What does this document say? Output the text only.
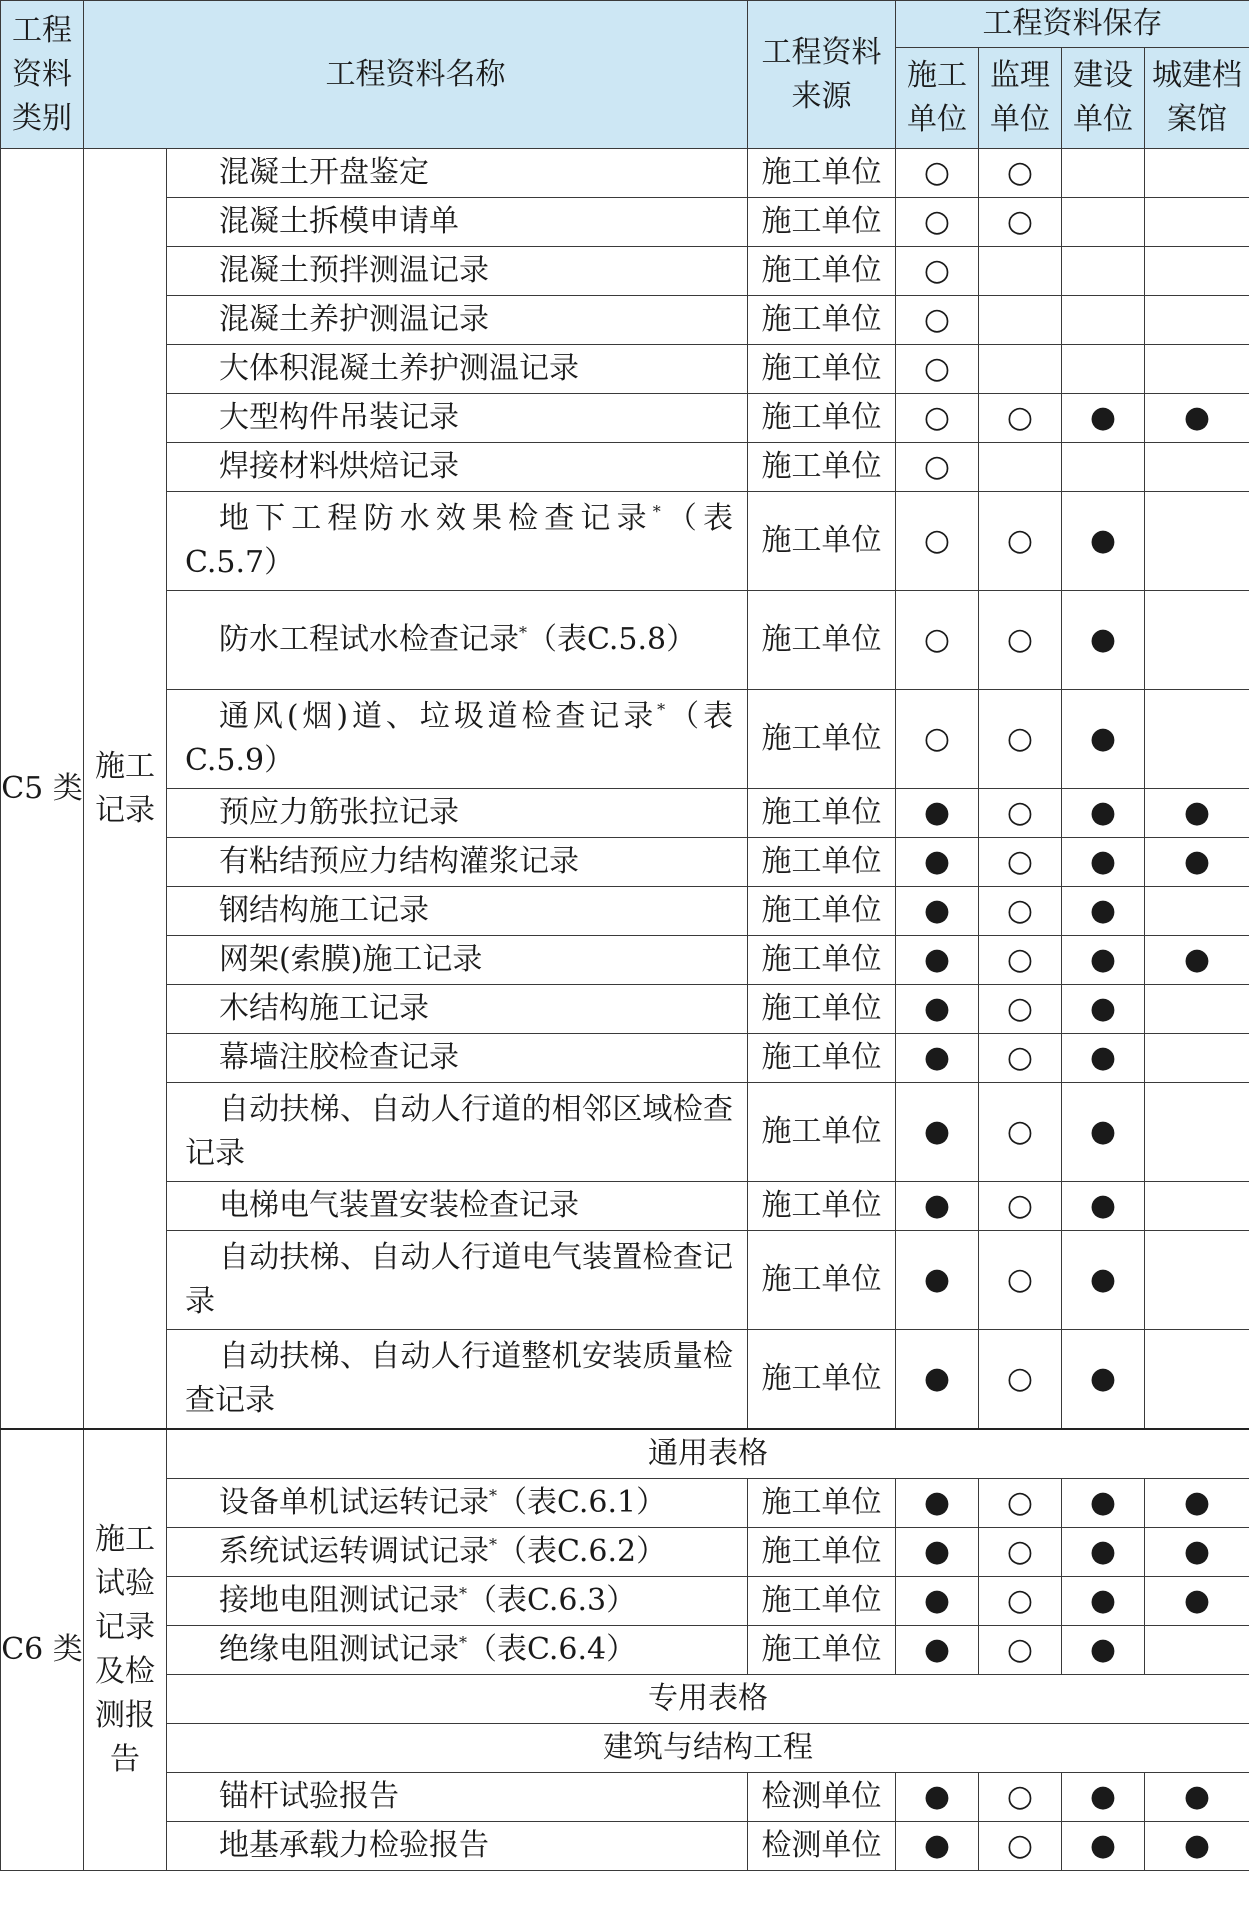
工程资料类别	工程资料名称		工程资料来源	工程资料保存			
				施工单位	监理单位	建设单位	城建档案馆
C5 类	施工记录	混凝土开盘鉴定	施工单位	○	○		

		混凝土拆模申请单	施工单位	○	○		

		混凝土预拌测温记录	施工单位	○			

		混凝土养护测温记录	施工单位	○			

		大体积混凝土养护测温记录	施工单位	○			

		大型构件吊装记录	施工单位	○	○	●	●

		焊接材料烘焙记录	施工单位	○			

		地下工程防水效果检查记录*（表C.5.7）	施工单位	○	○	●	

		防水工程试水检查记录*（表C.5.8）	施工单位	○	○	●	

		通风(烟)道、垃圾道检查记录*（表C.5.9）	施工单位	○	○	●	

		预应力筋张拉记录	施工单位	●	○	●	●

		有粘结预应力结构灌浆记录	施工单位	●	○	●	●

		钢结构施工记录	施工单位	●	○	●	

		网架(索膜)施工记录	施工单位	●	○	●	●

		木结构施工记录	施工单位	●	○	●	

		幕墙注胶检查记录	施工单位	●	○	●	

		自动扶梯、自动人行道的相邻区域检查记录	施工单位	●	○	●	

		电梯电气装置安装检查记录	施工单位	●	○	●	

		自动扶梯、自动人行道电气装置检查记录	施工单位	●	○	●	

		自动扶梯、自动人行道整机安装质量检查记录	施工单位	●	○	●	
C6 类	施工试验记录及检测报告	通用表格					

		设备单机试运转记录*（表C.6.1）	施工单位	●	○	●	●

		系统试运转调试记录*（表C.6.2）	施工单位	●	○	●	●

		接地电阻测试记录*（表C.6.3）	施工单位	●	○	●	●

		绝缘电阻测试记录*（表C.6.4）	施工单位	●	○	●	
		专用表格					
		建筑与结构工程					

		锚杆试验报告	检测单位	●	○	●	●

		地基承载力检验报告	检测单位	●	○	●	●
